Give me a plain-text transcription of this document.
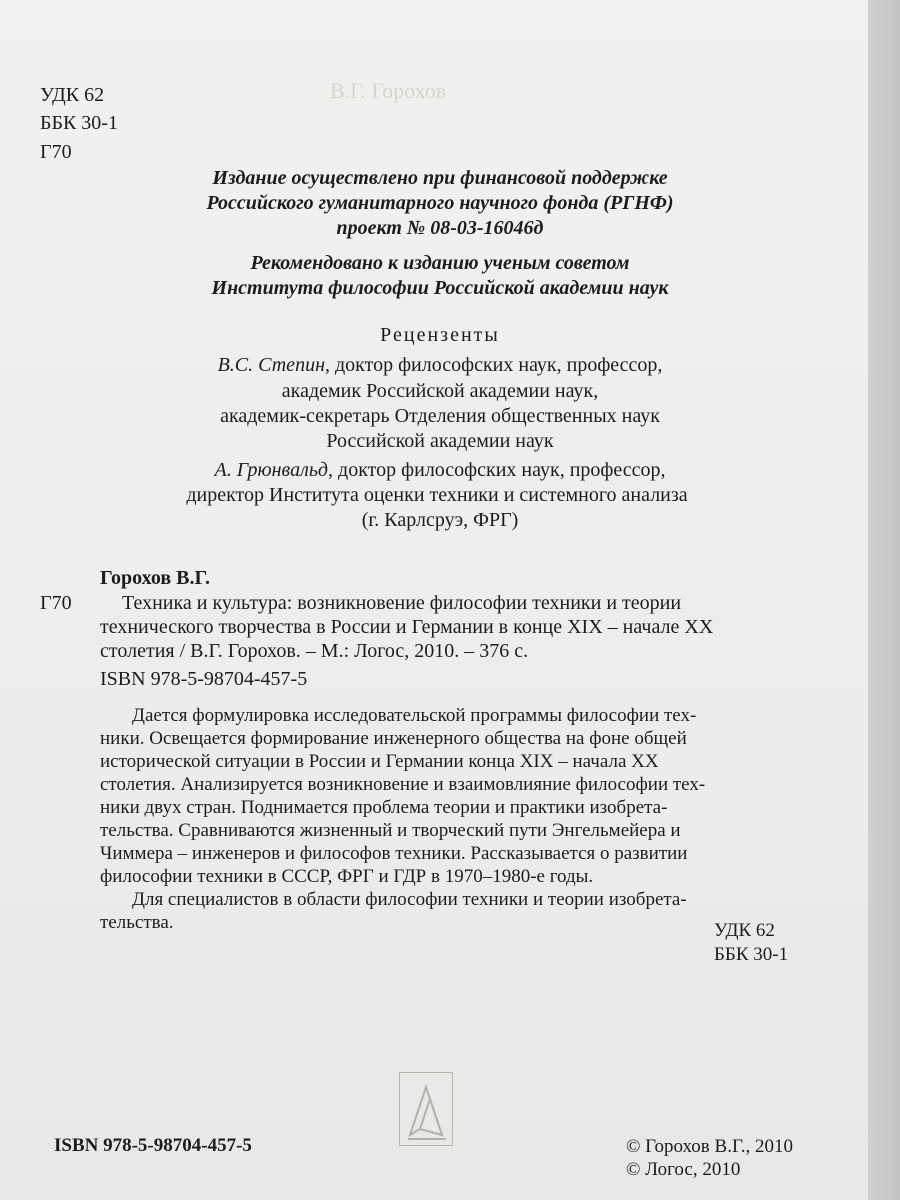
В.Г. Горохов
УДК 62
ББК 30-1
Г70
Издание осуществлено при финансовой поддержке
Российского гуманитарного научного фонда (РГНФ)
проект № 08-03-16046д
Рекомендовано к изданию ученым советом
Института философии Российской академии наук
Рецензенты
В.С. Степин, доктор философских наук, профессор,
академик Российской академии наук,
академик-секретарь Отделения общественных наук
Российской академии наук
А. Грюнвальд, доктор философских наук, профессор,
директор Института оценки техники и системного анализа
(г. Карлсруэ, ФРГ)
Горохов В.Г.
Г70	Техника и культура: возникновение философии техники и теории
технического творчества в России и Германии в конце XIX – начале XX
столетия / В.Г. Горохов. – М.: Логос, 2010. – 376 с.
ISBN 978-5-98704-457-5
Дается формулировка исследовательской программы философии тех-
ники. Освещается формирование инженерного общества на фоне общей
исторической ситуации в России и Германии конца XIX – начала XX
столетия. Анализируется возникновение и взаимовлияние философии тех-
ники двух стран. Поднимается проблема теории и практики изобрета-
тельства. Сравниваются жизненный и творческий пути Энгельмейера и
Чиммера – инженеров и философов техники. Рассказывается о развитии
философии техники в СССР, ФРГ и ГДР в 1970–1980-е годы.
Для специалистов в области философии техники и теории изобрета-
тельства.	УДК 62
ББК 30-1
ISBN 978-5-98704-457-5	© Горохов В.Г., 2010
© Логос, 2010
